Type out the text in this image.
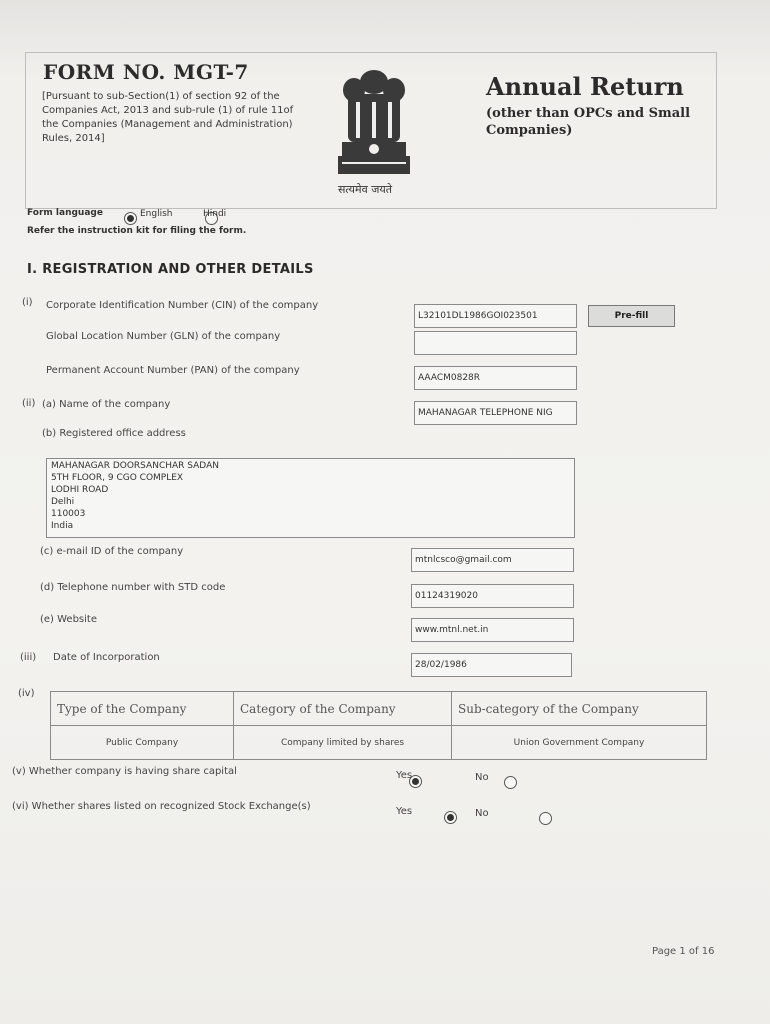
FORM NO. MGT-7
[Pursuant to sub-Section(1) of section 92 of the Companies Act, 2013 and sub-rule (1) of rule 11of the Companies (Management and Administration) Rules, 2014]
सत्यमेव जयते
Annual Return
(other than OPCs and Small Companies)
Form language
	English
	Hindi
Refer the instruction kit for filing the form.
I. REGISTRATION AND OTHER DETAILS
(i) Corporate Identification Number (CIN) of the company
L32101DL1986GOI023501	Pre-fill
Global Location Number (GLN) of the company
Permanent Account Number (PAN) of the company
AAACM0828R
(ii) (a) Name of the company
MAHANAGAR TELEPHONE NIG
(b) Registered office address
MAHANAGAR DOORSANCHAR SADAN
5TH FLOOR, 9 CGO COMPLEX
LODHI ROAD
Delhi
110003
India
(c) e-mail ID of the company
mtnlcsco@gmail.com
(d) Telephone number with STD code
01124319020
(e) Website
www.mtnl.net.in
(iii) Date of Incorporation
28/02/1986
(iv)
Type of the Company	Category of the Company	Sub-category of the Company
Public Company	Company limited by shares	Union Government Company
(v) Whether company is having share capital
	Yes
	No
(vi) Whether shares listed on recognized Stock Exchange(s)
	Yes	No
Page 1 of 16
